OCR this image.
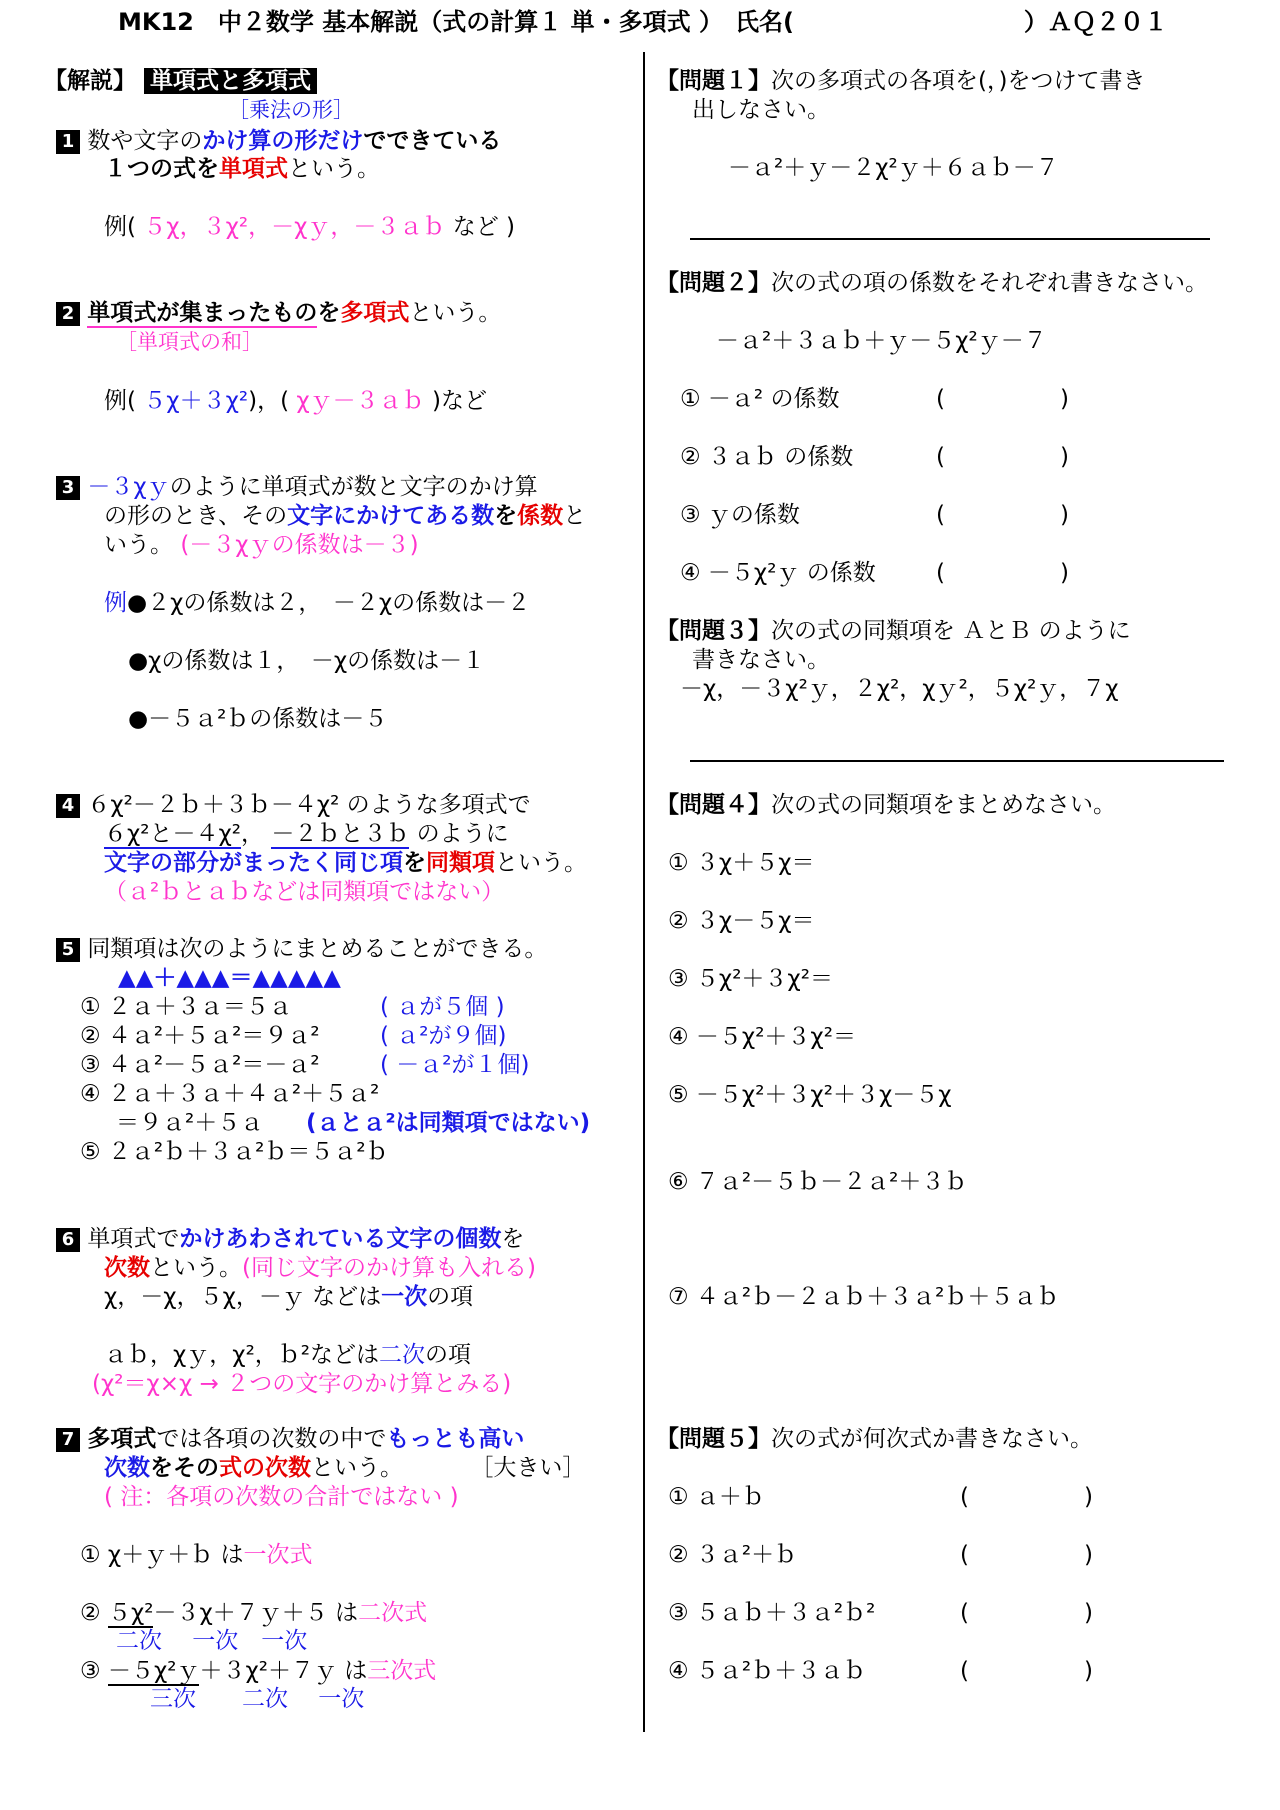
MK12　中２数学 基本解説（式の計算１ 単・多項式 ）　氏名(	）ＡＱ２０１
【解説】 単項式と多項式
［乗法の形］
1 数や文字のかけ算の形だけでできている
１つの式を単項式という。
例( ５χ，３χ²，－χｙ，－３ａｂ など )
2 単項式が集まったものを多項式という。
［単項式の和］
例( ５χ＋３χ²)，( χｙ－３ａｂ )など
3 －３χｙのように単項式が数と文字のかけ算
の形のとき、その文字にかけてある数を係数と
いう。 (－３χｙの係数は－３)
例●２χの係数は２，　－２χの係数は－２
●χの係数は１，　－χの係数は－１
●－５ａ²ｂの係数は－５
4 ６χ²－２ｂ＋３ｂ－４χ² のような多項式で
６χ²と－４χ²， －２ｂと３ｂ のように
文字の部分がまったく同じ項を同類項という。
（ａ²ｂとａｂなどは同類項ではない）
5 同類項は次のようにまとめることができる。
▲▲＋▲▲▲＝▲▲▲▲▲
① ２ａ＋３ａ＝５ａ	( ａが５個 )
② ４ａ²＋５ａ²＝９ａ²	( ａ²が９個)
③ ４ａ²－５ａ²＝－ａ²	( －ａ²が１個)
④ ２ａ＋３ａ＋４ａ²＋５ａ²
＝９ａ²＋５ａ (ａとａ²は同類項ではない)
⑤ ２ａ²ｂ＋３ａ²ｂ＝５ａ²ｂ
6 単項式でかけあわされている文字の個数を
次数という。(同じ文字のかけ算も入れる)
χ，－χ，５χ，－ｙ などは一次の項
ａｂ，χｙ，χ²，ｂ²などは二次の項
(χ²＝χ×χ → ２つの文字のかけ算とみる)
7 多項式では各項の次数の中でもっとも高い
次数をその式の次数という。	［大きい］
( 注：各項の次数の合計ではない )
① χ＋ｙ＋ｂ は一次式
② ５χ²－３χ＋７ｙ＋５ は二次式
二次　 一次　一次
③ －５χ²ｙ＋３χ²＋７ｙ は三次式
三次　　二次　 一次
【問題１】次の多項式の各項を(，)をつけて書き
出しなさい。
－ａ²＋ｙ－２χ²ｙ＋６ａｂ－７
【問題２】次の式の項の係数をそれぞれ書きなさい。
－ａ²＋３ａｂ＋ｙ－５χ²ｙ－７
① －ａ² の係数	(　　　　　)
② ３ａｂ の係数	(　　　　　)
③ ｙの係数	(　　　　　)
④ －５χ²ｙ の係数	(　　　　　)
【問題３】次の式の同類項を ＡとＢ のように
書きなさい。
－χ，－３χ²ｙ，２χ²，χｙ²，５χ²ｙ，７χ
【問題４】次の式の同類項をまとめなさい。
① ３χ＋５χ＝
② ３χ－５χ＝
③ ５χ²＋３χ²＝
④ －５χ²＋３χ²＝
⑤ －５χ²＋３χ²＋３χ－５χ
⑥ ７ａ²－５ｂ－２ａ²＋３ｂ
⑦ ４ａ²ｂ－２ａｂ＋３ａ²ｂ＋５ａｂ
【問題５】次の式が何次式か書きなさい。
① ａ＋ｂ	(　　　　　)
② ３ａ²＋ｂ	(　　　　　)
③ ５ａｂ＋３ａ²ｂ²	(　　　　　)
④ ５ａ²ｂ＋３ａｂ	(　　　　　)
